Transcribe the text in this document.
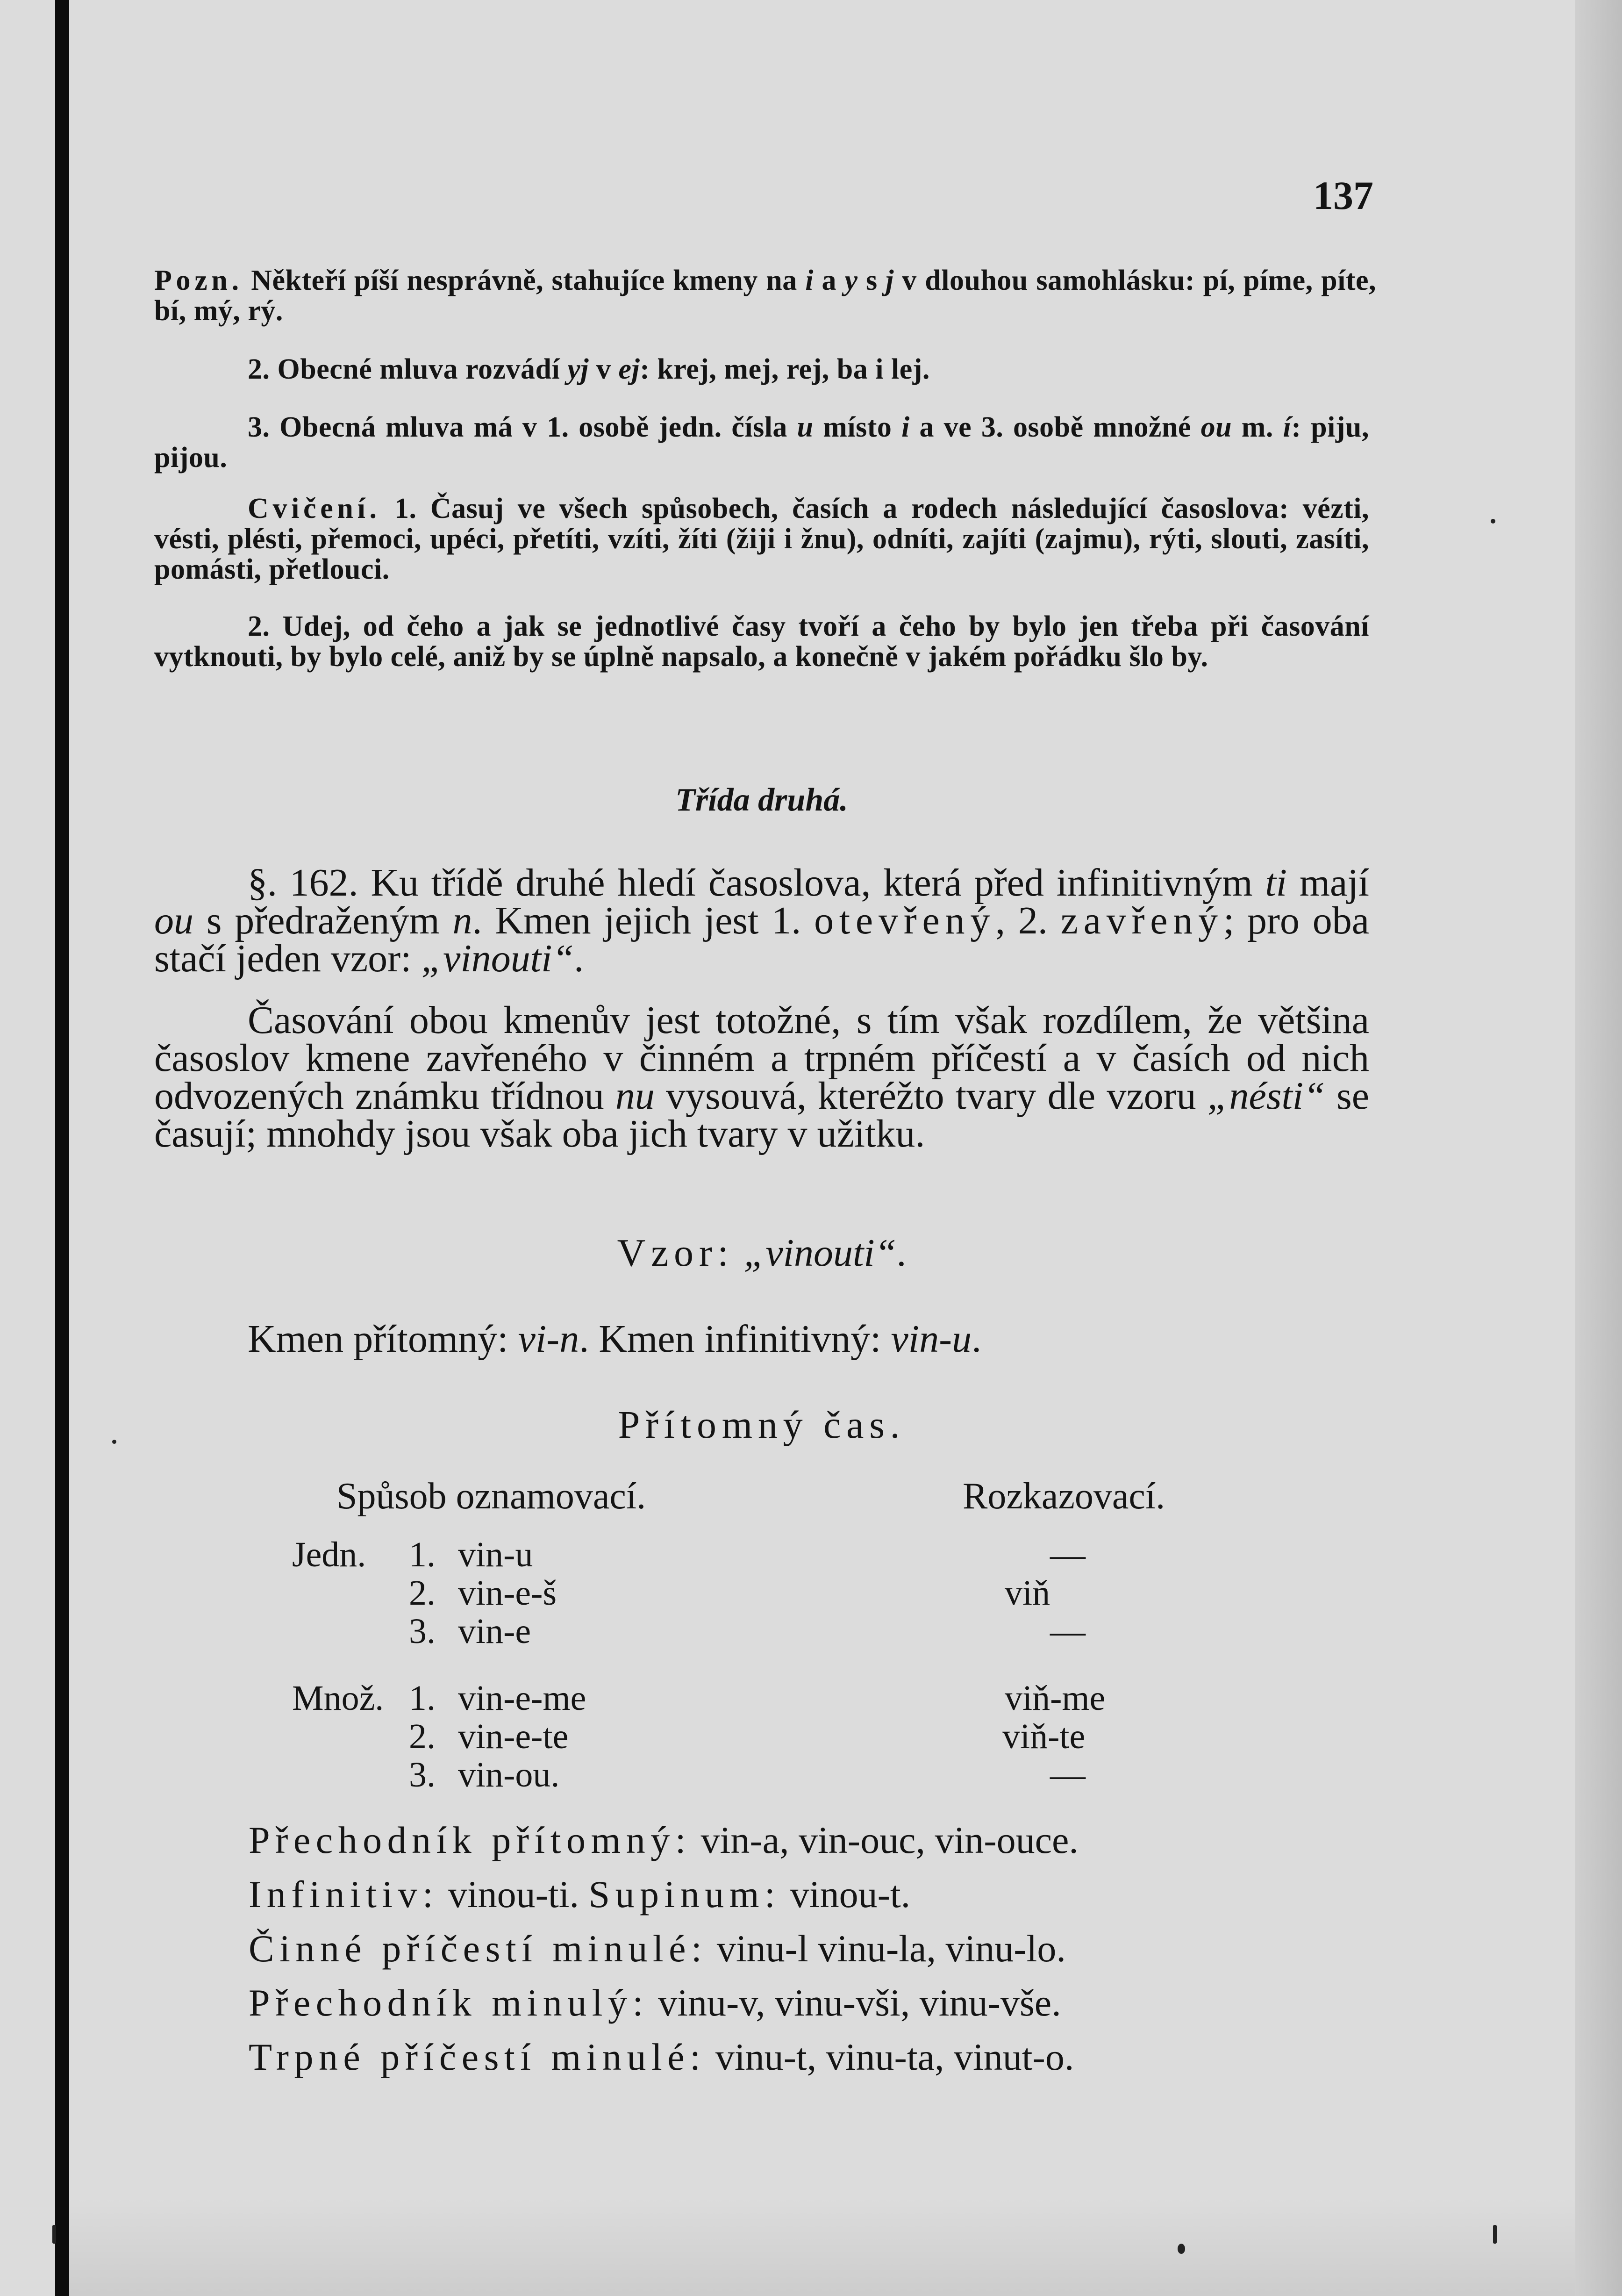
137

Pozn. Někteří píší nesprávně, stahujíce kmeny na i a y s j v dlouhou samohlásku: pí, píme, píte, bí, mý, rý.

2. Obecné mluva rozvádí yj v ej: krej, mej, rej, ba i lej.

3. Obecná mluva má v 1. osobě jedn. čísla u místo i a ve 3. osobě množné ou m. í: piju, pijou.

Cvičení. 1. Časuj ve všech spůsobech, časích a rodech následující časoslova: vézti, vésti, plésti, přemoci, upéci, přetíti, vzíti, žíti (žiji i žnu), odníti, zajíti (zajmu), rýti, slouti, zasíti, pomásti, přetlouci.

2. Udej, od čeho a jak se jednotlivé časy tvoří a čeho by bylo jen třeba při časování vytknouti, by bylo celé, aniž by se úplně napsalo, a konečně v jakém pořádku šlo by.

Třída druhá.

§. 162. Ku třídě druhé hledí časoslova, která před infinitivným ti mají ou s předraženým n. Kmen jejich jest 1. otevřený, 2. zavřený; pro oba stačí jeden vzor: „vinouti“.

Časování obou kmenův jest totožné, s tím však rozdílem, že většina časoslov kmene zavřeného v činném a trpném příčestí a v časích od nich odvozených známku třídnou nu vysouvá, kteréžto tvary dle vzoru „nésti“ se časují; mnohdy jsou však oba jich tvary v užitku.

Vzor: „vinouti“.

Kmen přítomný: vi-n. Kmen infinitivný: vin-u.

Přítomný čas.

Spůsob oznamovací.	Rozkazovací.
Jedn. 1. vin-u	—
2. vin-e-š	viň
3. vin-e	—
Množ. 1. vin-e-me	viň-me
2. vin-e-te	viň-te
3. vin-ou.	—
Přechodník přítomný: vin-a, vin-ouc, vin-ouce.
Infinitiv: vinou-ti. Supinum: vinou-t.
Činné příčestí minulé: vinu-l vinu-la, vinu-lo.
Přechodník minulý: vinu-v, vinu-vši, vinu-vše.
Trpné příčestí minulé: vinu-t, vinu-ta, vinut-o.
